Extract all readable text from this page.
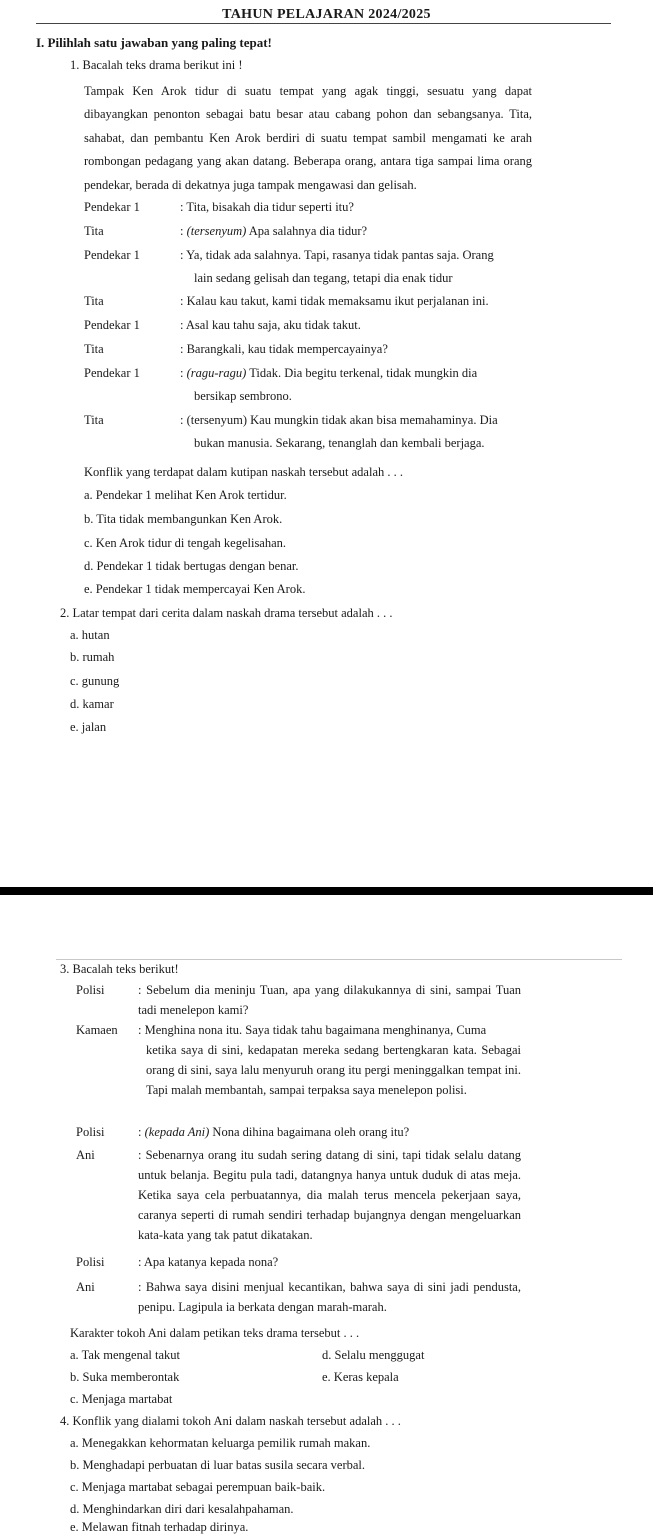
TAHUN PELAJARAN 2024/2025
I. Pilihlah satu jawaban yang paling tepat!
1. Bacalah teks drama berikut ini !
Tampak Ken Arok tidur di suatu tempat yang agak tinggi, sesuatu yang dapat dibayangkan penonton sebagai batu besar atau cabang pohon dan sebangsanya. Tita, sahabat, dan pembantu Ken Arok berdiri di suatu tempat sambil mengamati ke arah rombongan pedagang yang akan datang. Beberapa orang, antara tiga sampai lima orang pendekar, berada di dekatnya juga tampak mengawasi dan gelisah.
Pendekar 1	: Tita, bisakah dia tidur seperti itu?
Tita	: (tersenyum) Apa salahnya dia tidur?
Pendekar 1	: Ya, tidak ada salahnya. Tapi, rasanya tidak pantas saja. Orang
lain sedang gelisah dan tegang, tetapi dia enak tidur
Tita	: Kalau kau takut, kami tidak memaksamu ikut perjalanan ini.
Pendekar 1	: Asal kau tahu saja, aku tidak takut.
Tita	: Barangkali, kau tidak mempercayainya?
Pendekar 1	: (ragu-ragu) Tidak. Dia begitu terkenal, tidak mungkin dia
bersikap sembrono.
Tita	: (tersenyum) Kau mungkin tidak akan bisa memahaminya. Dia
bukan manusia. Sekarang, tenanglah dan kembali berjaga.
Konflik yang terdapat dalam kutipan naskah tersebut adalah . . .
a. Pendekar 1 melihat Ken Arok tertidur.
b. Tita tidak membangunkan Ken Arok.
c. Ken Arok tidur di tengah kegelisahan.
d. Pendekar 1 tidak bertugas dengan benar.
e. Pendekar 1 tidak mempercayai Ken Arok.
2. Latar tempat dari cerita dalam naskah drama tersebut adalah . . .
a. hutan
b. rumah
c. gunung
d. kamar
e. jalan
3. Bacalah teks berikut!
Polisi	: Sebelum dia meninju Tuan, apa yang dilakukannya di sini, sampai Tuan tadi menelepon kami?
Kamaen : Menghina nona itu. Saya tidak tahu bagaimana menghinanya, Cuma
ketika saya di sini, kedapatan mereka sedang bertengkaran kata. Sebagai orang di sini, saya lalu menyuruh orang itu pergi meninggalkan tempat ini. Tapi malah membantah, sampai terpaksa saya menelepon polisi.
Polisi	: (kepada Ani) Nona dihina bagaimana oleh orang itu?
Ani	: Sebenarnya orang itu sudah sering datang di sini, tapi tidak selalu datang untuk belanja. Begitu pula tadi, datangnya hanya untuk duduk di atas meja. Ketika saya cela perbuatannya, dia malah terus mencela pekerjaan saya, caranya seperti di rumah sendiri terhadap bujangnya dengan mengeluarkan kata-kata yang tak patut dikatakan.
Polisi	: Apa katanya kepada nona?
Ani	: Bahwa saya disini menjual kecantikan, bahwa saya di sini jadi pendusta, penipu. Lagipula ia berkata dengan marah-marah.
Karakter tokoh Ani dalam petikan teks drama tersebut . . .
a. Tak mengenal takut	d. Selalu menggugat
b. Suka memberontak	e. Keras kepala
c. Menjaga martabat
4. Konflik yang dialami tokoh Ani dalam naskah tersebut adalah . . .
a. Menegakkan kehormatan keluarga pemilik rumah makan.
b. Menghadapi perbuatan di luar batas susila secara verbal.
c. Menjaga martabat sebagai perempuan baik-baik.
d. Menghindarkan diri dari kesalahpahaman.
e. Melawan fitnah terhadap dirinya.
